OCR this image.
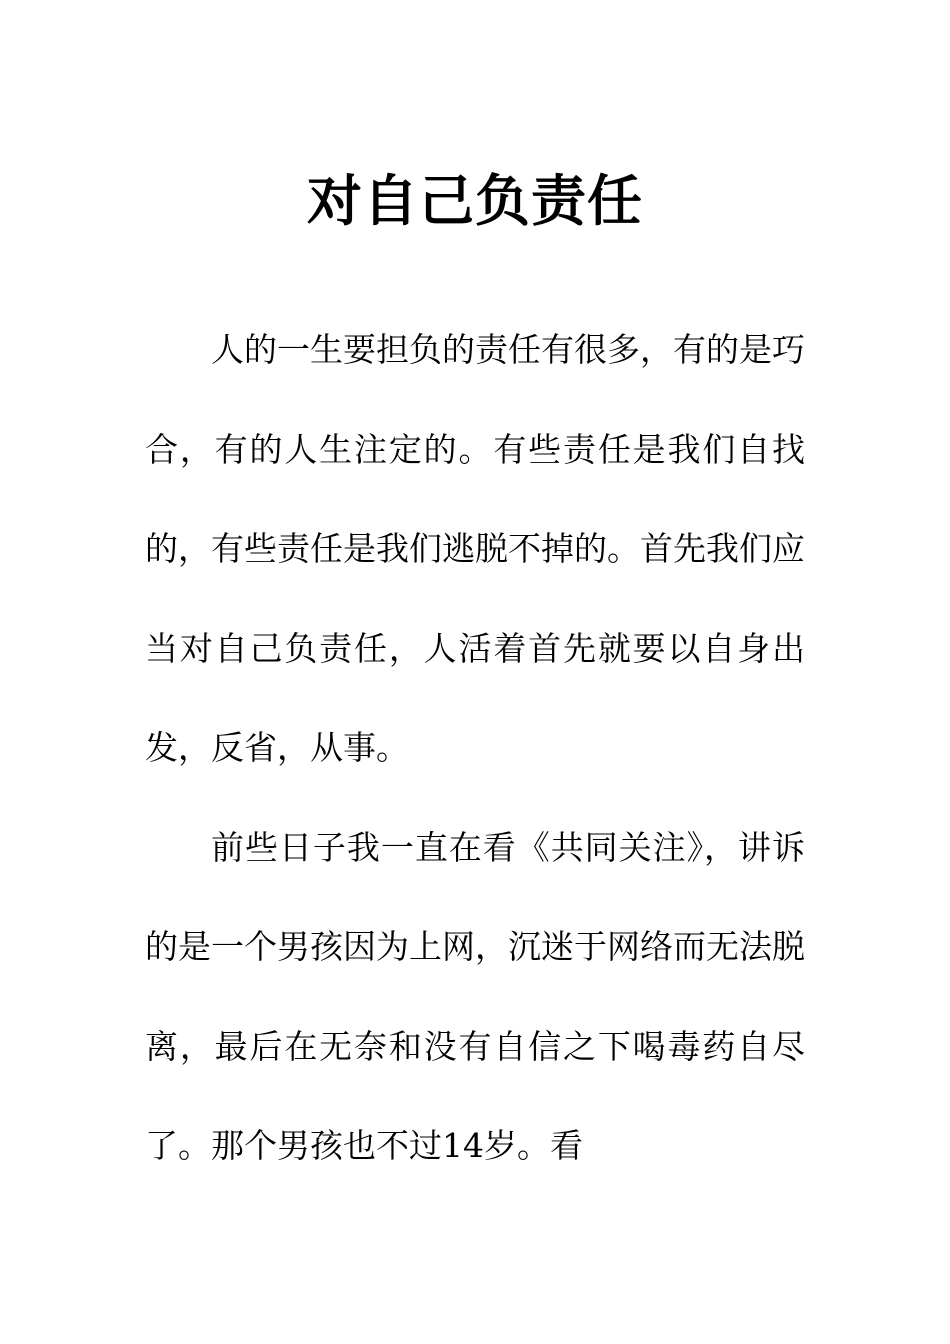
对自己负责任

人的一生要担负的责任有很多，有的是巧合，有的人生注定的。有些责任是我们自找的，有些责任是我们逃脱不掉的。首先我们应当对自己负责任，人活着首先就要以自身出发，反省，从事。

前些日子我一直在看《共同关注》，讲诉的是一个男孩因为上网，沉迷于网络而无法脱离，最后在无奈和没有自信之下喝毒药自尽了。那个男孩也不过14岁。看
